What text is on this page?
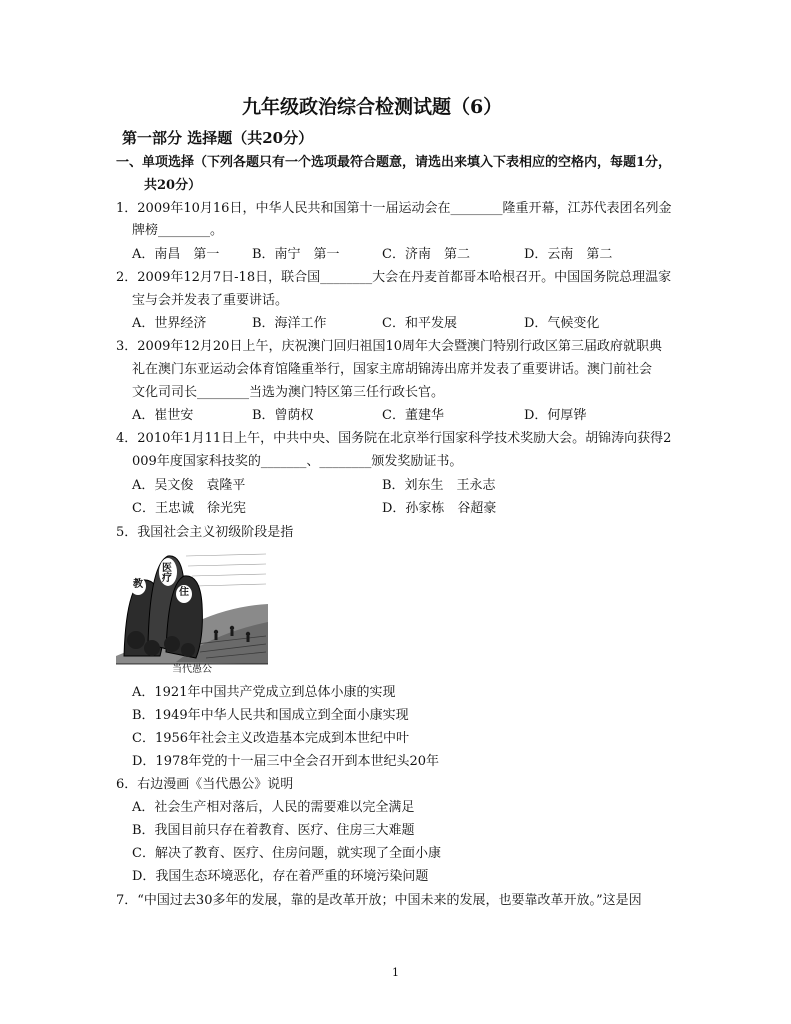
九年级政治综合检测试题（6）
第一部分 选择题（共20分）
一、单项选择（下列各题只有一个选项最符合题意，请选出来填入下表相应的空格内，每题1分，
共20分）
1．2009年10月16日，中华人民共和国第十一届运动会在________隆重开幕，江苏代表团名列金
牌榜________。
A．南昌　第一	B．南宁　第一	C．济南　第二	D．云南　第二
2．2009年12月7日-18日，联合国________大会在丹麦首都哥本哈根召开。中国国务院总理温家
宝与会并发表了重要讲话。
A．世界经济	B．海洋工作	C．和平发展	D．气候变化
3．2009年12月20日上午，庆祝澳门回归祖国10周年大会暨澳门特别行政区第三届政府就职典
礼在澳门东亚运动会体育馆隆重举行，国家主席胡锦涛出席并发表了重要讲话。澳门前社会
文化司司长________当选为澳门特区第三任行政长官。
A．崔世安	B．曾荫权	C．董建华	D．何厚铧
4．2010年1月11日上午，中共中央、国务院在北京举行国家科学技术奖励大会。胡锦涛向获得2
009年度国家科技奖的_______、________颁发奖励证书。
A．吴文俊　袁隆平	B．刘东生　王永志
C．王忠诚　徐光宪	D．孙家栋　谷超豪
5．我国社会主义初级阶段是指
教
医疗
住
当代愚公
A．1921年中国共产党成立到总体小康的实现
B．1949年中华人民共和国成立到全面小康实现
C．1956年社会主义改造基本完成到本世纪中叶
D．1978年党的十一届三中全会召开到本世纪头20年
6．右边漫画《当代愚公》说明
A．社会生产相对落后，人民的需要难以完全满足
B．我国目前只存在着教育、医疗、住房三大难题
C．解决了教育、医疗、住房问题，就实现了全面小康
D．我国生态环境恶化，存在着严重的环境污染问题
7．“中国过去30多年的发展，靠的是改革开放；中国未来的发展，也要靠改革开放。”这是因
1
